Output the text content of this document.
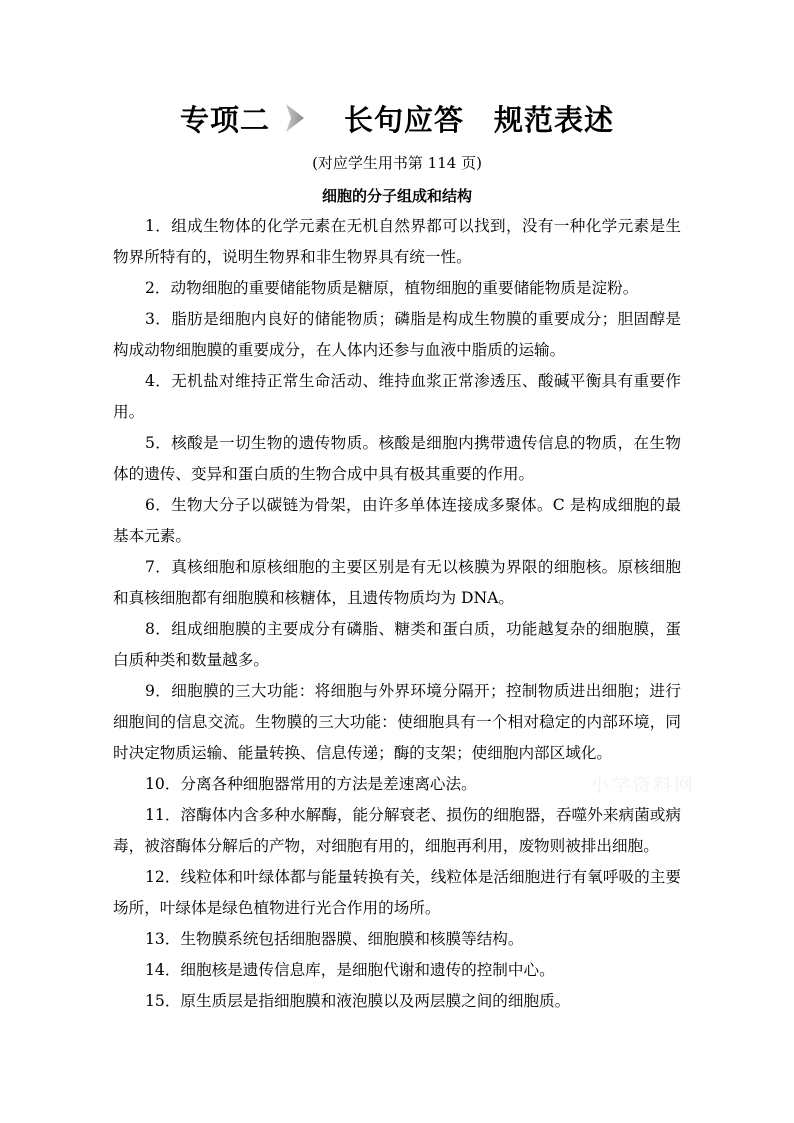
专项二	长句应答　规范表述
(对应学生用书第 114 页)
细胞的分子组成和结构
1．组成生物体的化学元素在无机自然界都可以找到，没有一种化学元素是生物界所特有的，说明生物界和非生物界具有统一性。
2．动物细胞的重要储能物质是糖原，植物细胞的重要储能物质是淀粉。
3．脂肪是细胞内良好的储能物质；磷脂是构成生物膜的重要成分；胆固醇是构成动物细胞膜的重要成分，在人体内还参与血液中脂质的运输。
4．无机盐对维持正常生命活动、维持血浆正常渗透压、酸碱平衡具有重要作用。
5．核酸是一切生物的遗传物质。核酸是细胞内携带遗传信息的物质，在生物体的遗传、变异和蛋白质的生物合成中具有极其重要的作用。
6．生物大分子以碳链为骨架，由许多单体连接成多聚体。C 是构成细胞的最基本元素。
7．真核细胞和原核细胞的主要区别是有无以核膜为界限的细胞核。原核细胞和真核细胞都有细胞膜和核糖体，且遗传物质均为 DNA。
8．组成细胞膜的主要成分有磷脂、糖类和蛋白质，功能越复杂的细胞膜，蛋白质种类和数量越多。
9．细胞膜的三大功能：将细胞与外界环境分隔开；控制物质进出细胞；进行细胞间的信息交流。生物膜的三大功能：使细胞具有一个相对稳定的内部环境，同时决定物质运输、能量转换、信息传递；酶的支架；使细胞内部区域化。
10．分离各种细胞器常用的方法是差速离心法。
11．溶酶体内含多种水解酶，能分解衰老、损伤的细胞器，吞噬外来病菌或病毒，被溶酶体分解后的产物，对细胞有用的，细胞再利用，废物则被排出细胞。
12．线粒体和叶绿体都与能量转换有关，线粒体是活细胞进行有氧呼吸的主要场所，叶绿体是绿色植物进行光合作用的场所。
13．生物膜系统包括细胞器膜、细胞膜和核膜等结构。
14．细胞核是遗传信息库，是细胞代谢和遗传的控制中心。
15．原生质层是指细胞膜和液泡膜以及两层膜之间的细胞质。
小学资料网
